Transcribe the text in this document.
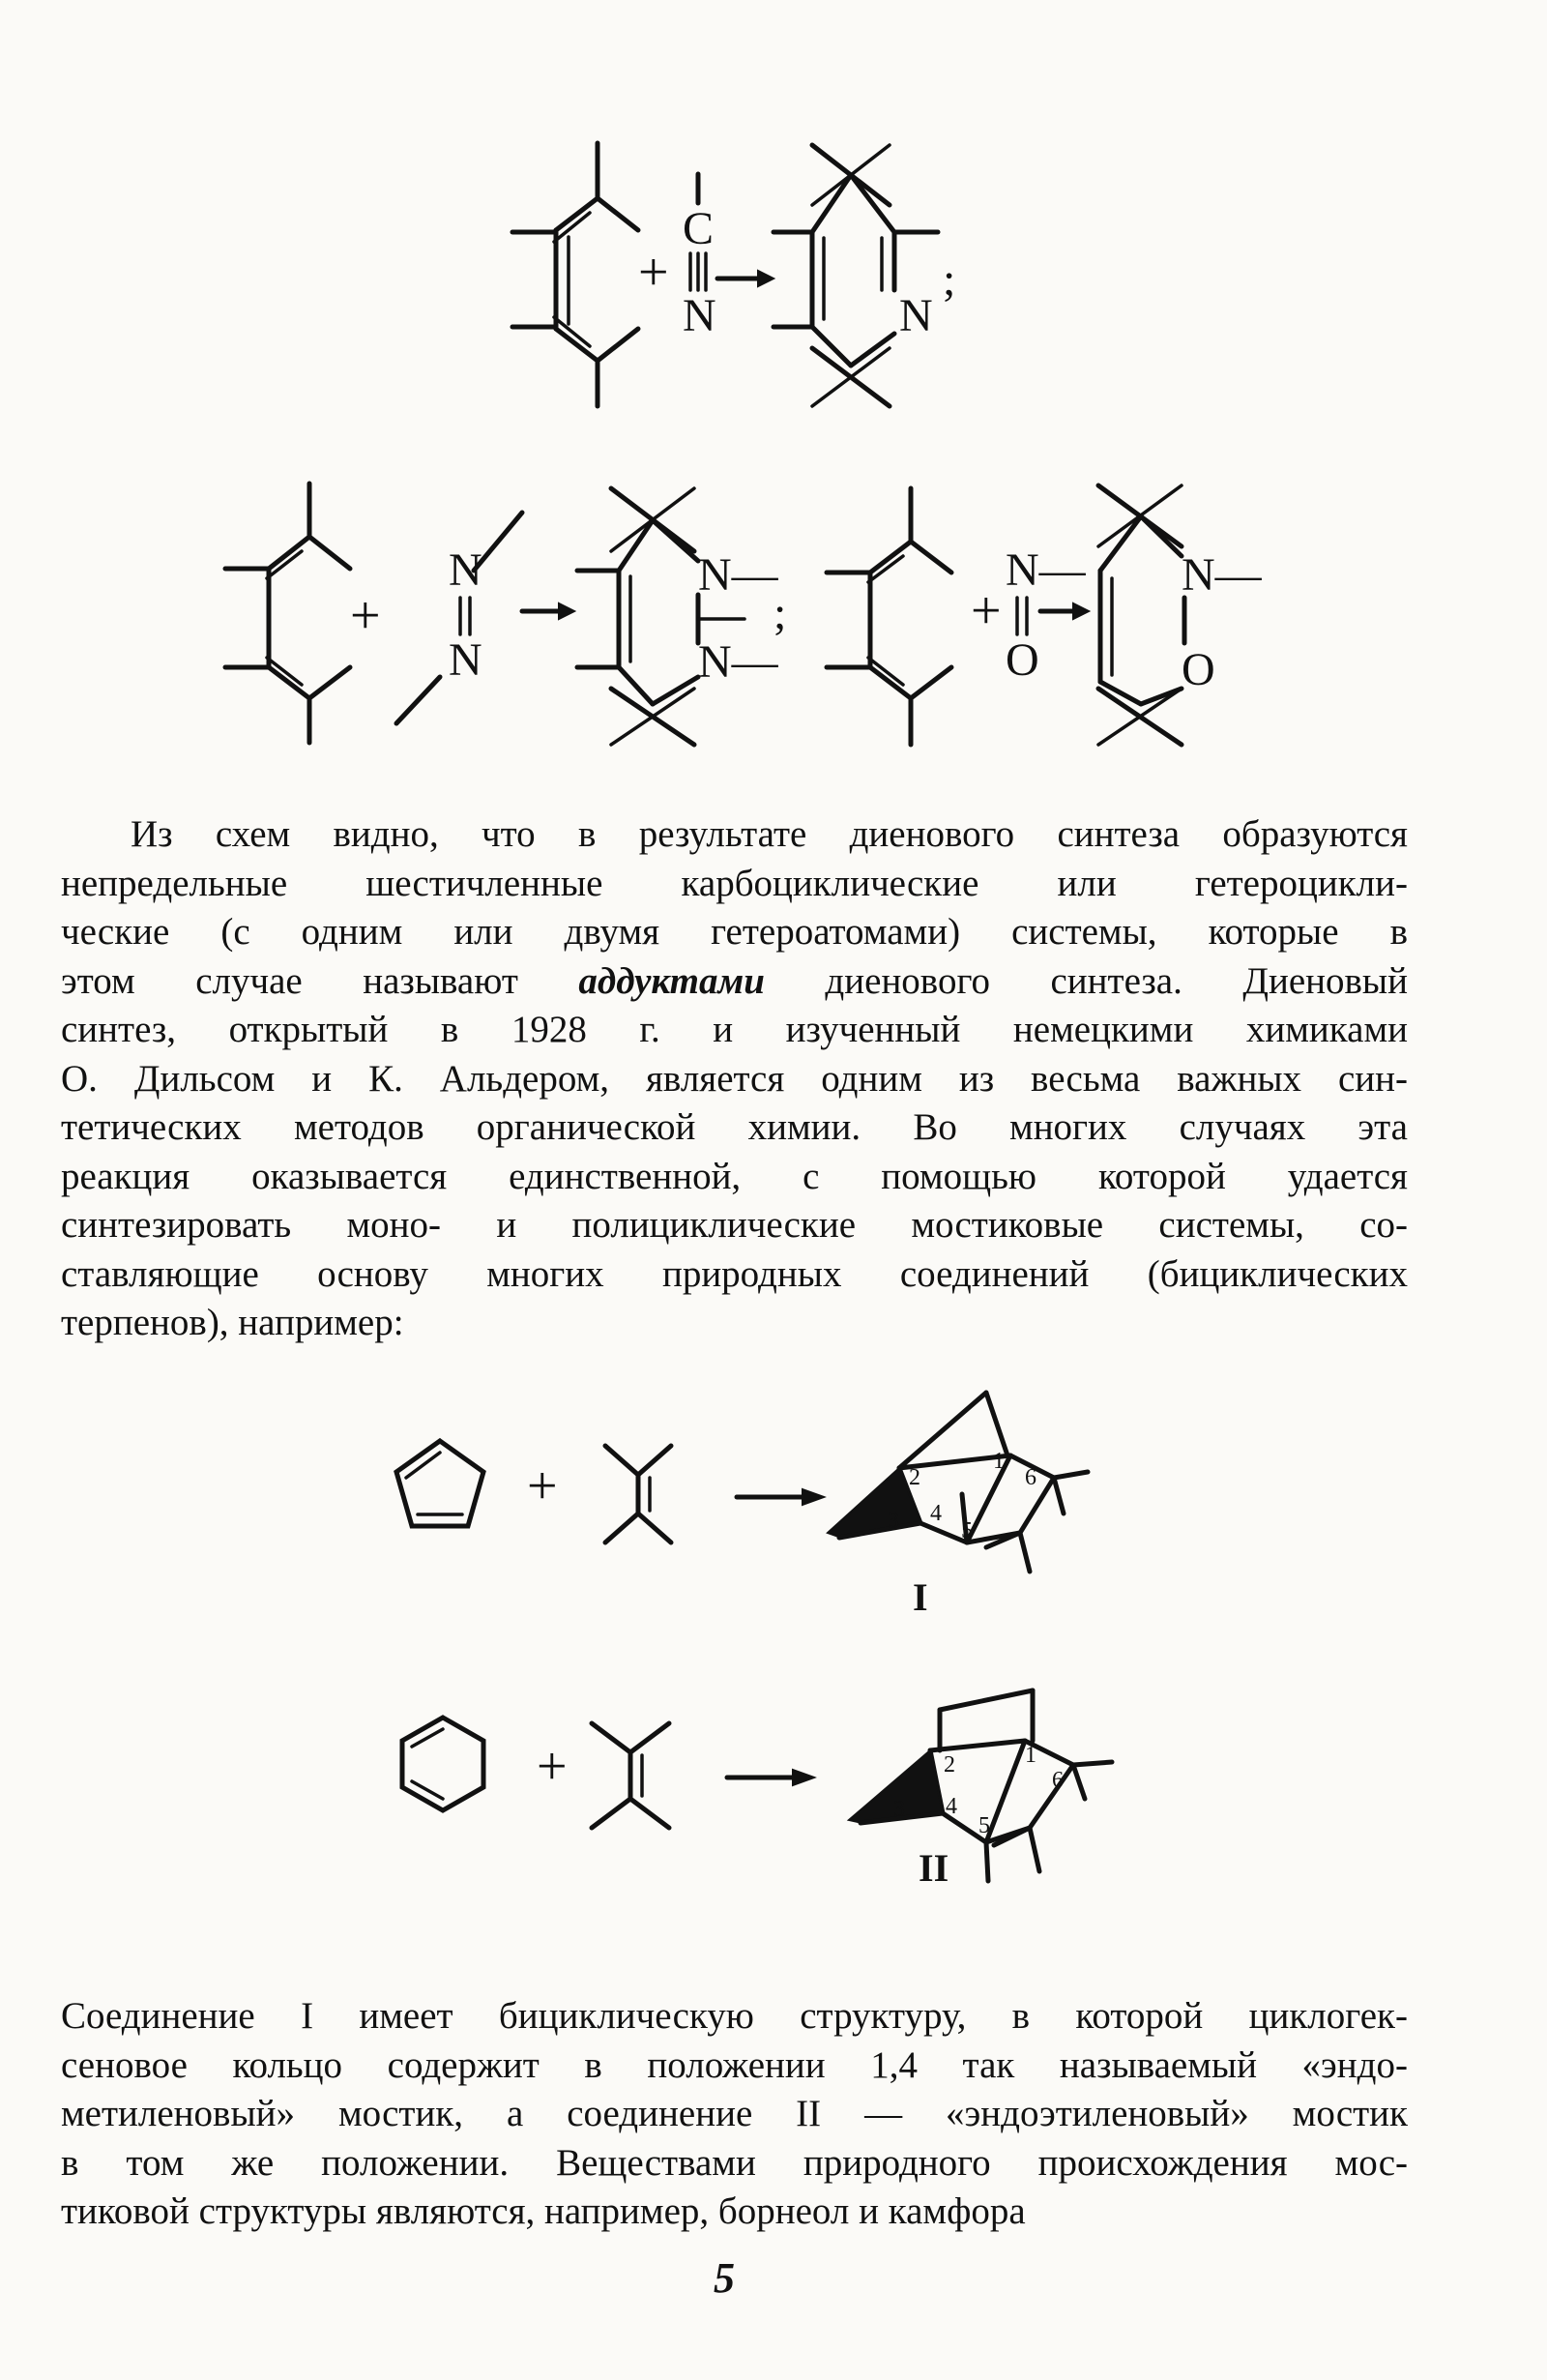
+
C
N	N
;
+
N
N
N—
N—
;
N—
+
O
N—
O
+	2
1
6
3 4
5
I
+	2	1
6
3 4
5
II
Из схем видно, что в результате диенового синтеза образуются
непредельные шестичленные карбоциклические или гетероцикли-
ческие (с одним или двумя гетероатомами) системы, которые в
этом случае называют аддуктами диенового синтеза. Диеновый
синтез, открытый в 1928 г. и изученный немецкими химиками
О. Дильсом и К. Альдером, является одним из весьма важных син-
тетических методов органической химии. Во многих случаях эта
реакция оказывается единственной, с помощью которой удается
синтезировать моно- и полициклические мостиковые системы, со-
ставляющие основу многих природных соединений (бициклических
терпенов), например:
Соединение I имеет бициклическую структуру, в которой циклогек-
сеновое кольцо содержит в положении 1,4 так называемый «эндо-
метиленовый» мостик, а соединение II — «эндоэтиленовый» мостик
в том же положении. Веществами природного происхождения мос-
тиковой структуры являются, например, борнеол и камфора
5
